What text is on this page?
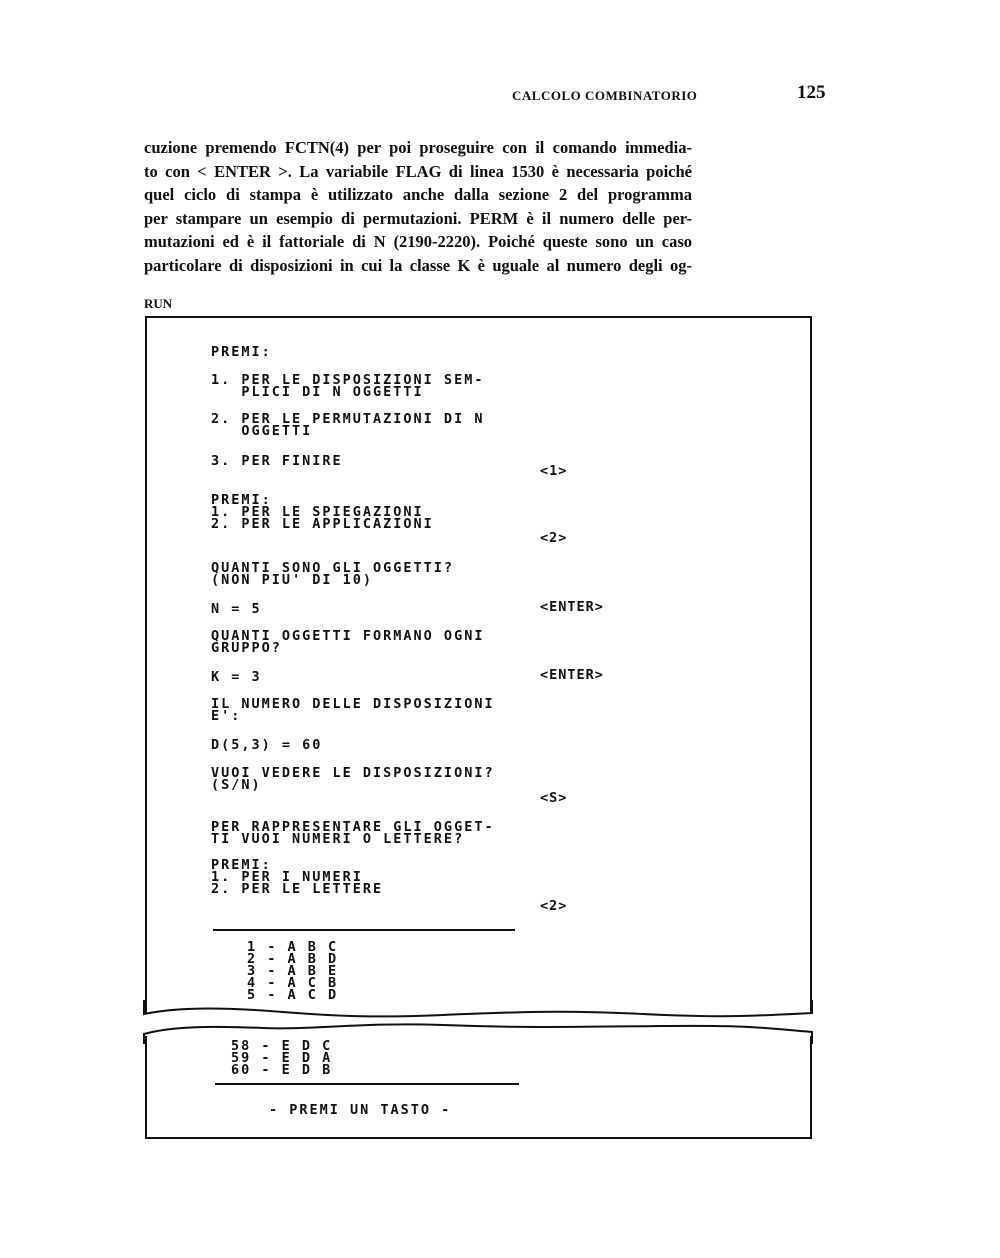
CALCOLO COMBINATORIO	125
cuzione premendo FCTN(4) per poi proseguire con il comando immedia-
to con < ENTER >. La variabile FLAG di linea 1530 è necessaria poiché
quel ciclo di stampa è utilizzato anche dalla sezione 2 del programma
per stampare un esempio di permutazioni. PERM è il numero delle per-
mutazioni ed è il fattoriale di N (2190-2220). Poiché queste sono un caso
particolare di disposizioni in cui la classe K è uguale al numero degli og-
RUN
PREMI:
1. PER LE DISPOSIZIONI SEM-
PLICI DI N OGGETTI
2. PER LE PERMUTAZIONI DI N
OGGETTI
3. PER FINIRE
<1>
PREMI:
1. PER LE SPIEGAZIONI
2. PER LE APPLICAZIONI
<2>
QUANTI SONO GLI OGGETTI?
(NON PIU' DI 10)
N = 5	<ENTER>
QUANTI OGGETTI FORMANO OGNI
GRUPPO?
K = 3	<ENTER>
IL NUMERO DELLE DISPOSIZIONI
E':
D(5,3) = 60
VUOI VEDERE LE DISPOSIZIONI?
(S/N)
<S>
PER RAPPRESENTARE GLI OGGET-
TI VUOI NUMERI O LETTERE?
PREMI:
1. PER I NUMERI
2. PER LE LETTERE
<2>
1 - A B C
2 - A B D
3 - A B E
4 - A C B
5 - A C D
58 - E D C
59 - E D A
60 - E D B
- PREMI UN TASTO -
